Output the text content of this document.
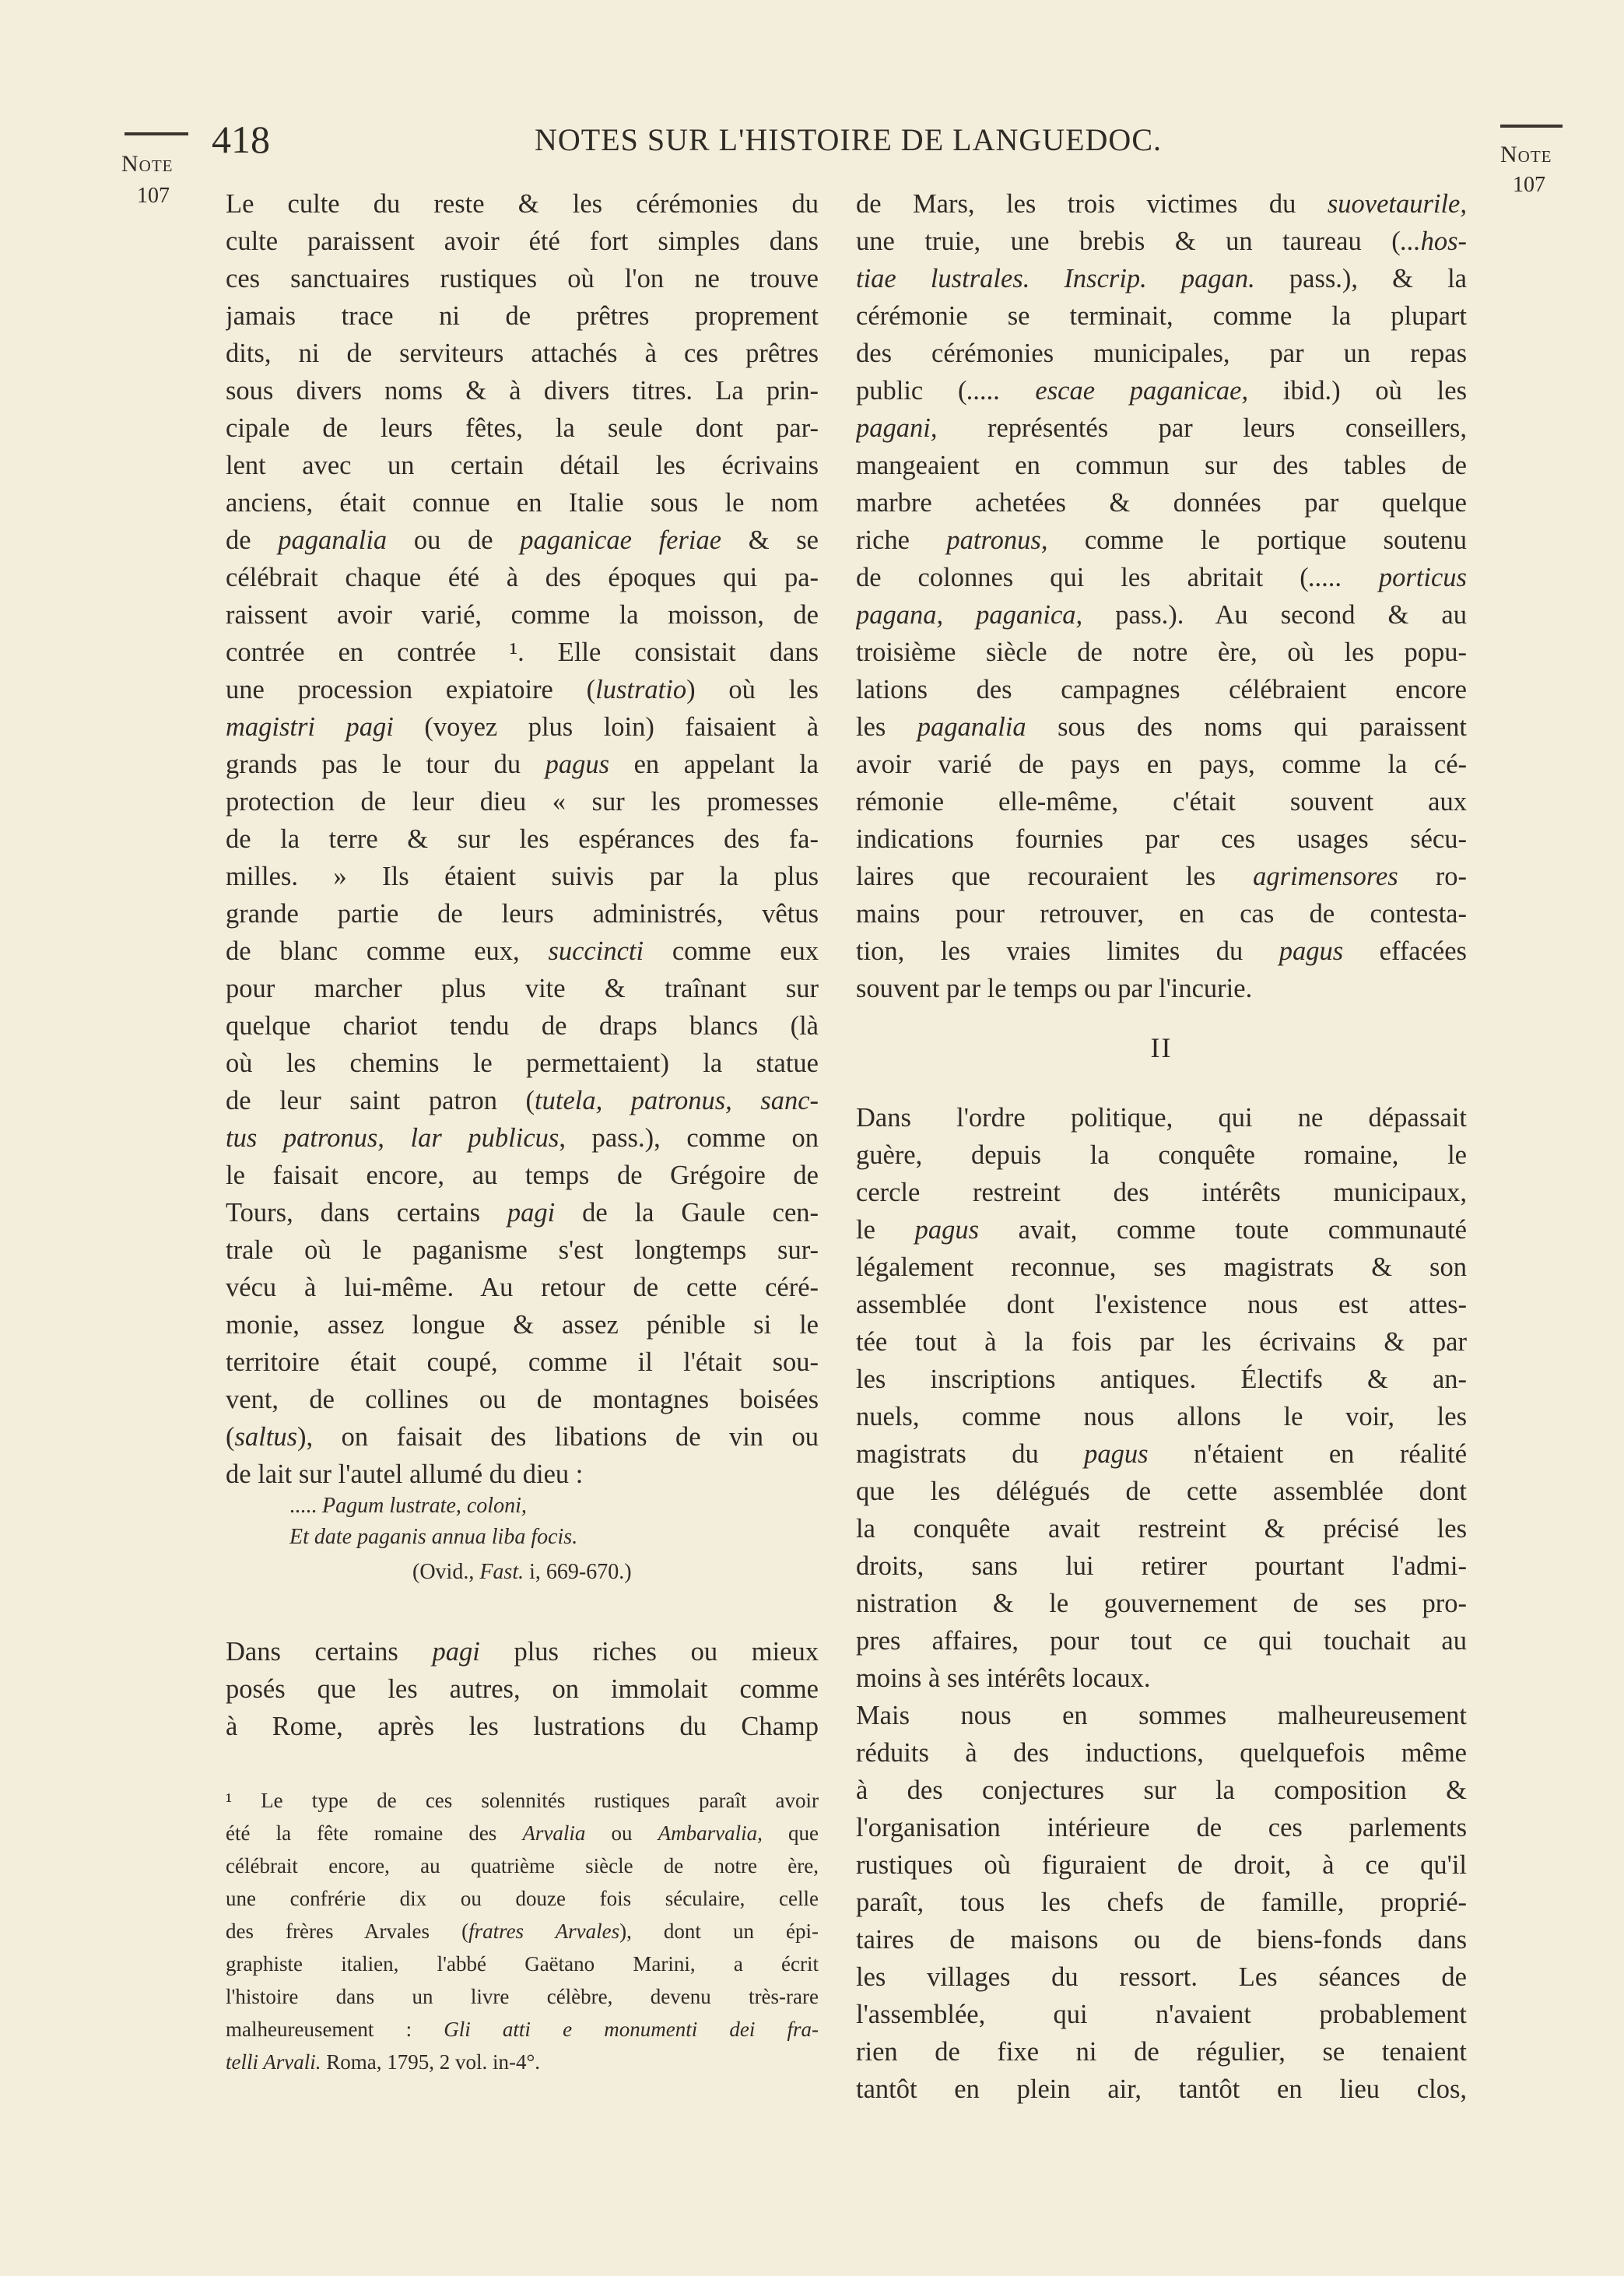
Note
107
418	NOTES SUR L'HISTOIRE DE LANGUEDOC.	Note
107
Le culte du reste & les cérémonies du
culte paraissent avoir été fort simples dans
ces sanctuaires rustiques où l'on ne trouve
jamais trace ni de prêtres proprement
dits, ni de serviteurs attachés à ces prêtres
sous divers noms & à divers titres. La prin-
cipale de leurs fêtes, la seule dont par-
lent avec un certain détail les écrivains
anciens, était connue en Italie sous le nom
de paganalia ou de paganicae feriae & se
célébrait chaque été à des époques qui pa-
raissent avoir varié, comme la moisson, de
contrée en contrée ¹. Elle consistait dans
une procession expiatoire (lustratio) où les
magistri pagi (voyez plus loin) faisaient à
grands pas le tour du pagus en appelant la
protection de leur dieu « sur les promesses
de la terre & sur les espérances des fa-
milles. » Ils étaient suivis par la plus
grande partie de leurs administrés, vêtus
de blanc comme eux, succincti comme eux
pour marcher plus vite & traînant sur
quelque chariot tendu de draps blancs (là
où les chemins le permettaient) la statue
de leur saint patron (tutela, patronus, sanc-
tus patronus, lar publicus, pass.), comme on
le faisait encore, au temps de Grégoire de
Tours, dans certains pagi de la Gaule cen-
trale où le paganisme s'est longtemps sur-
vécu à lui-même. Au retour de cette céré-
monie, assez longue & assez pénible si le
territoire était coupé, comme il l'était sou-
vent, de collines ou de montagnes boisées
(saltus), on faisait des libations de vin ou
de lait sur l'autel allumé du dieu :
..... Pagum lustrate, coloni,
Et date paganis annua liba focis.
(Ovid., Fast. i, 669-670.)
Dans certains pagi plus riches ou mieux
posés que les autres, on immolait comme
à Rome, après les lustrations du Champ
¹ Le type de ces solennités rustiques paraît avoir
été la fête romaine des Arvalia ou Ambarvalia, que
célébrait encore, au quatrième siècle de notre ère,
une confrérie dix ou douze fois séculaire, celle
des frères Arvales (fratres Arvales), dont un épi-
graphiste italien, l'abbé Gaëtano Marini, a écrit
l'histoire dans un livre célèbre, devenu très-rare
malheureusement : Gli atti e monumenti dei fra-
telli Arvali. Roma, 1795, 2 vol. in-4°.
de Mars, les trois victimes du suovetaurile,
une truie, une brebis & un taureau (...hos-
tiae lustrales. Inscrip. pagan. pass.), & la
cérémonie se terminait, comme la plupart
des cérémonies municipales, par un repas
public (..... escae paganicae, ibid.) où les
pagani, représentés par leurs conseillers,
mangeaient en commun sur des tables de
marbre achetées & données par quelque
riche patronus, comme le portique soutenu
de colonnes qui les abritait (..... porticus
pagana, paganica, pass.). Au second & au
troisième siècle de notre ère, où les popu-
lations des campagnes célébraient encore
les paganalia sous des noms qui paraissent
avoir varié de pays en pays, comme la cé-
rémonie elle-même, c'était souvent aux
indications fournies par ces usages sécu-
laires que recouraient les agrimensores ro-
mains pour retrouver, en cas de contesta-
tion, les vraies limites du pagus effacées
souvent par le temps ou par l'incurie.
II
Dans l'ordre politique, qui ne dépassait
guère, depuis la conquête romaine, le
cercle restreint des intérêts municipaux,
le pagus avait, comme toute communauté
légalement reconnue, ses magistrats & son
assemblée dont l'existence nous est attes-
tée tout à la fois par les écrivains & par
les inscriptions antiques. Électifs & an-
nuels, comme nous allons le voir, les
magistrats du pagus n'étaient en réalité
que les délégués de cette assemblée dont
la conquête avait restreint & précisé les
droits, sans lui retirer pourtant l'admi-
nistration & le gouvernement de ses pro-
pres affaires, pour tout ce qui touchait au
moins à ses intérêts locaux.
Mais nous en sommes malheureusement
réduits à des inductions, quelquefois même
à des conjectures sur la composition &
l'organisation intérieure de ces parlements
rustiques où figuraient de droit, à ce qu'il
paraît, tous les chefs de famille, proprié-
taires de maisons ou de biens-fonds dans
les villages du ressort. Les séances de
l'assemblée, qui n'avaient probablement
rien de fixe ni de régulier, se tenaient
tantôt en plein air, tantôt en lieu clos,
